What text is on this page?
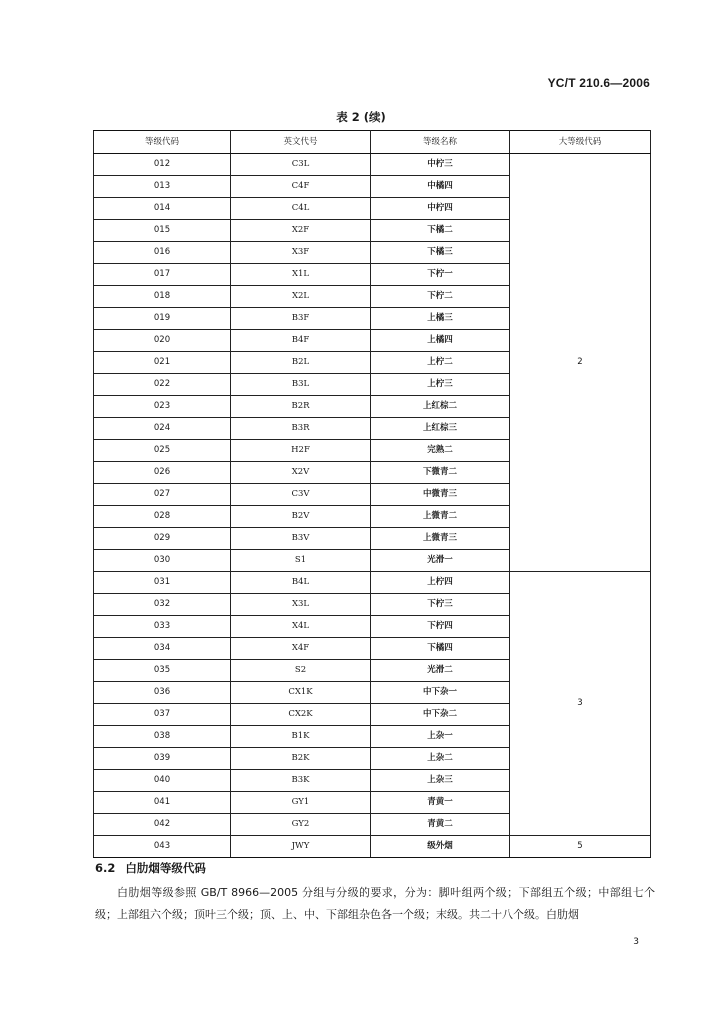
YC/T 210.6—2006
表 2 (续)
等级代码	英文代号	等级名称	大等级代码
012	C3L	中柠三	2
013	C4F	中橘四	
014	C4L	中柠四	
015	X2F	下橘二	
016	X3F	下橘三	
017	X1L	下柠一	
018	X2L	下柠二	
019	B3F	上橘三	
020	B4F	上橘四	
021	B2L	上柠二	
022	B3L	上柠三	
023	B2R	上红棕二	
024	B3R	上红棕三	
025	H2F	完熟二	
026	X2V	下微青二	
027	C3V	中微青三	
028	B2V	上微青二	
029	B3V	上微青三	
030	S1	光滑一	
031	B4L	上柠四	3
032	X3L	下柠三	
033	X4L	下柠四	
034	X4F	下橘四	
035	S2	光滑二	
036	CX1K	中下杂一	
037	CX2K	中下杂二	
038	B1K	上杂一	
039	B2K	上杂二	
040	B3K	上杂三	
041	GY1	青黄一	
042	GY2	青黄二	
043	JWY	级外烟	5
6.2 白肋烟等级代码
白肋烟等级参照 GB/T 8966—2005 分组与分级的要求，分为：脚叶组两个级；下部组五个级；中部组七个级；上部组六个级；顶叶三个级；顶、上、中、下部组杂色各一个级；末级。共二十八个级。白肋烟
3
